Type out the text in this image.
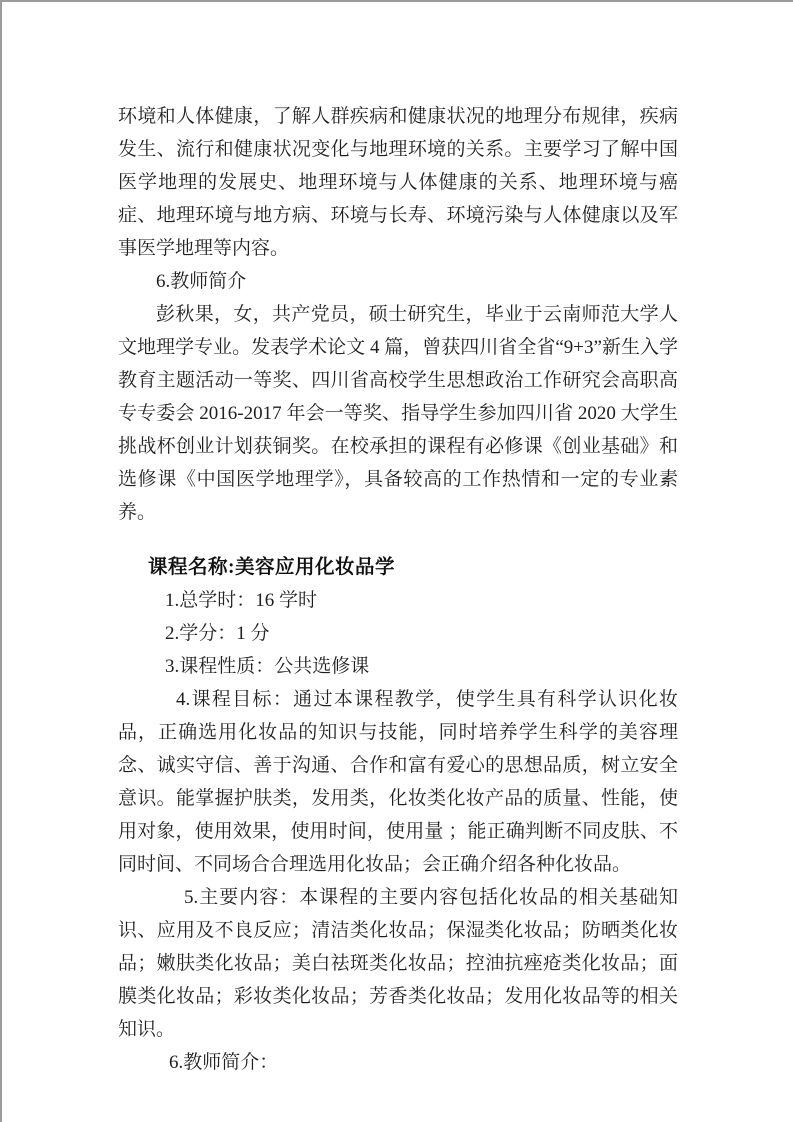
环境和人体健康，了解人群疾病和健康状况的地理分布规律，疾病发生、流行和健康状况变化与地理环境的关系。主要学习了解中国医学地理的发展史、地理环境与人体健康的关系、地理环境与癌症、地理环境与地方病、环境与长寿、环境污染与人体健康以及军事医学地理等内容。

6.教师简介

彭秋果，女，共产党员，硕士研究生，毕业于云南师范大学人文地理学专业。发表学术论文 4 篇，曾获四川省全省“9+3”新生入学教育主题活动一等奖、四川省高校学生思想政治工作研究会高职高专专委会 2016-2017 年会一等奖、指导学生参加四川省 2020 大学生挑战杯创业计划获铜奖。在校承担的课程有必修课《创业基础》和选修课《中国医学地理学》，具备较高的工作热情和一定的专业素养。

课程名称:美容应用化妆品学

1.总学时：16 学时

2.学分：1 分

3.课程性质：公共选修课

4.课程目标：通过本课程教学，使学生具有科学认识化妆品，正确选用化妆品的知识与技能，同时培养学生科学的美容理念、诚实守信、善于沟通、合作和富有爱心的思想品质，树立安全意识。能掌握护肤类，发用类，化妆类化妆产品的质量、性能，使用对象，使用效果，使用时间，使用量 ；能正确判断不同皮肤、不同时间、不同场合合理选用化妆品；会正确介绍各种化妆品。

5.主要内容：本课程的主要内容包括化妆品的相关基础知识、应用及不良反应；清洁类化妆品；保湿类化妆品；防晒类化妆品；嫩肤类化妆品；美白祛斑类化妆品；控油抗痤疮类化妆品；面膜类化妆品；彩妆类化妆品；芳香类化妆品；发用化妆品等的相关知识。

6.教师简介：
